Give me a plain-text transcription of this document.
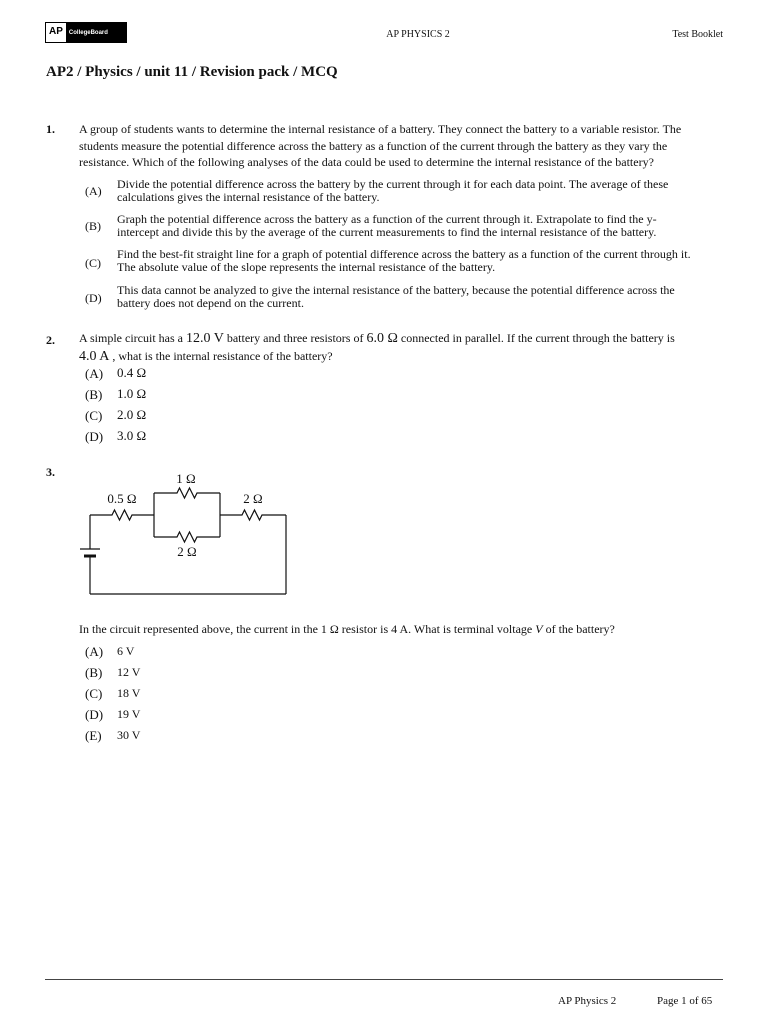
AP	CollegeBoard	AP PHYSICS 2	Test Booklet
AP2 / Physics / unit 11 / Revision pack / MCQ
1. A group of students wants to determine the internal resistance of a battery. They connect the battery to a variable resistor. The
students measure the potential difference across the battery as a function of the current through the battery as they vary the
resistance. Which of the following analyses of the data could be used to determine the internal resistance of the battery?
(A) Divide the potential difference across the battery by the current through it for each data point. The average of these
calculations gives the internal resistance of the battery.
(B) Graph the potential difference across the battery as a function of the current through it. Extrapolate to find the y-
intercept and divide this by the average of the current measurements to find the internal resistance of the battery.
(C)
Find the best-fit straight line for a graph of potential difference across the battery as a function of the current through it.
The absolute value of the slope represents the internal resistance of the battery.
(D)
This data cannot be analyzed to give the internal resistance of the battery, because the potential difference across the
battery does not depend on the current.
2. A simple circuit has a 12.0 V battery and three resistors of 6.0 Ω connected in parallel. If the current through the battery is
4.0 A , what is the internal resistance of the battery?
(A) 0.4 Ω
(B) 1.0 Ω
(C) 2.0 Ω
(D) 3.0 Ω
3.	1 Ω
0.5 Ω	2 Ω
2 Ω
In the circuit represented above, the current in the 1 Ω resistor is 4 A. What is terminal voltage V of the battery?
(A) 6 V
(B) 12 V
(C) 18 V
(D) 19 V
(E) 30 V
AP Physics 2	Page 1 of 65
